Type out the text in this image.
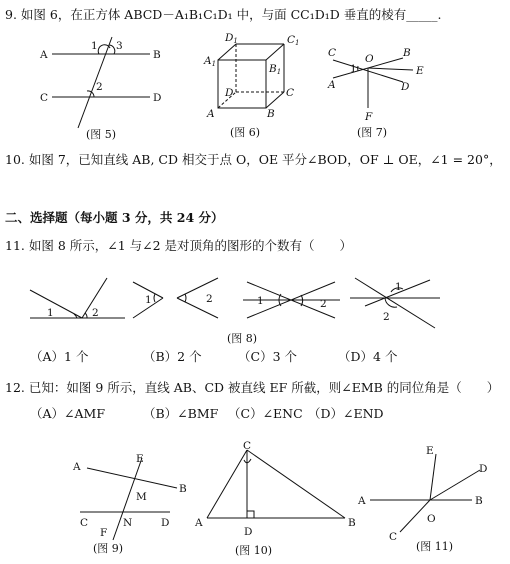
9. 如图 6，在正方体 ABCD－A₁B₁C₁D₁ 中，与面 CC₁D₁D 垂直的棱有_____.
A	B
C	D
1 3
2
(图 5)
D1	C1
A1	B1
D	C
A	B
(图 6)
C
A
O	B
E
D
F
1
(图 7)
10. 如图 7，已知直线 AB, CD 相交于点 O，OE 平分∠BOD，OF ⊥ OE，∠1 = 20°，
二、选择题（每小题 3 分，共 24 分）
11. 如图 8 所示，∠1 与∠2 是对顶角的图形的个数有（　　）
1	2
1	2	1	2
1
2
(图 8)
（A）1 个	（B）2 个	（C）3 个	（D）4 个
12. 已知：如图 9 所示，直线 AB、CD 被直线 EF 所截，则∠EMB 的同位角是（　　）
（A）∠AMF	（B）∠BMF （C）∠ENC （D）∠END
A
B
E
M
C	N	D
F
(图 9)
C
A
D
B
(图 10)
A	B
E
D
O
C
(图 11)
